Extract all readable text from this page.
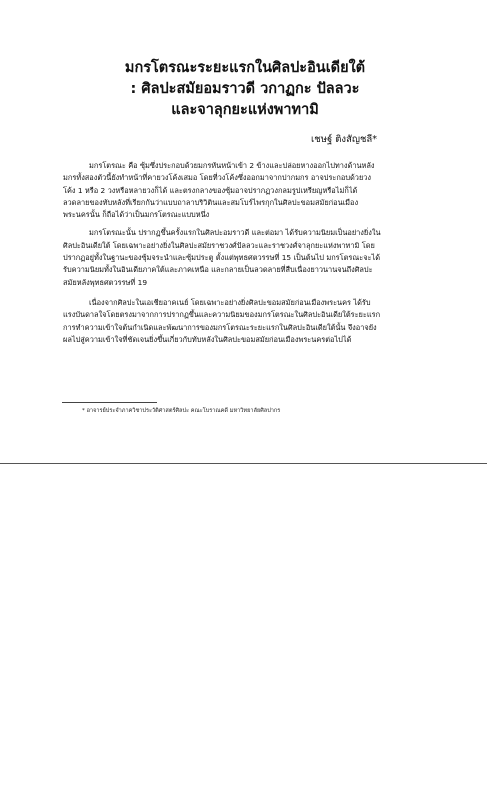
มกรโตรณะระยะแรกในศิลปะอินเดียใต้
: ศิลปะสมัยอมราวดี วกาฏกะ ปัลลวะ
และจาลุกยะแห่งพาทามิ
เชษฐ์ ติงสัญชลี*

มกรโตรณะ คือ ซุ้มซึ่งประกอบด้วยมกรหันหน้าเข้า 2 ข้างและปล่อยหางออกไปทางด้านหลัง มกรทั้งสองตัวนี้ยังทำหน้าที่คายวงโค้งเสมอ โดยที่วงโค้งซึ่งออกมาจากปากมกร อาจประกอบด้วยวงโค้ง 1 หรือ 2 วงหรือหลายวงก็ได้ และตรงกลางของซุ้มอาจปรากฏวงกลมรูปเหรียญหรือไม่ก็ได้ ลวดลายของทับหลังที่เรียกกันว่าแบบถาลาบริวิตินและสมโบร์ไพรกุกในศิลปะขอมสมัยก่อนเมืองพระนครนั้น ก็ถือได้ว่าเป็นมกรโตรณะแบบหนึ่ง

มกรโตรณะนั้น ปรากฏขึ้นครั้งแรกในศิลปะอมราวดี และต่อมา ได้รับความนิยมเป็นอย่างยิ่งในศิลปะอินเดียใต้ โดยเฉพาะอย่างยิ่งในศิลปะสมัยราชวงศ์ปัลลวะและราชวงศ์จาลุกยะแห่งพาทามิ โดยปรากฏอยู่ทั้งในฐานะของซุ้มจระนำและซุ้มประตู ตั้งแต่พุทธศตวรรษที่ 15 เป็นต้นไป มกรโตรณะจะได้รับความนิยมทั้งในอินเดียภาคใต้และภาคเหนือ และกลายเป็นลวดลายที่สืบเนื่องยาวนานจนถึงศิลปะสมัยหลังพุทธศตวรรษที่ 19

เนื่องจากศิลปะในเอเชียอาคเนย์ โดยเฉพาะอย่างยิ่งศิลปะขอมสมัยก่อนเมืองพระนคร ได้รับแรงบันดาลใจโดยตรงมาจากการปรากฏขึ้นและความนิยมของมกรโตรณะในศิลปะอินเดียใต้ระยะแรก การทำความเข้าใจต้นกำเนิดและพัฒนาการของมกรโตรณะระยะแรกในศิลปะอินเดียใต้นั้น จึงอาจยังผลไปสู่ความเข้าใจที่ชัดเจนยิ่งขึ้นเกี่ยวกับทับหลังในศิลปะขอมสมัยก่อนเมืองพระนครต่อไปได้

* อาจารย์ประจำภาควิชาประวัติศาสตร์ศิลปะ คณะโบราณคดี มหาวิทยาลัยศิลปากร
